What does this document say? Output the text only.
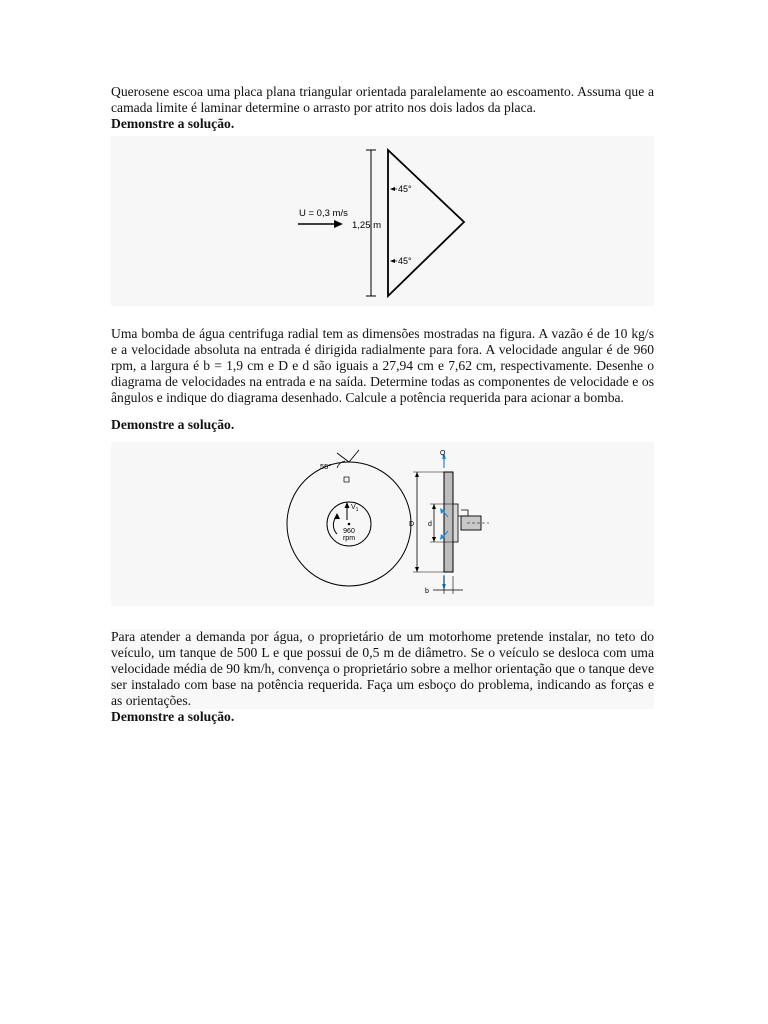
Querosene escoa uma placa plana triangular orientada paralelamente ao escoamento. Assuma que a camada limite é laminar determine o arrasto por atrito nos dois lados da placa.

Demonstre a solução.

U = 0,3 m/s
1,25 m
45°
45°

Uma bomba de água centrifuga radial tem as dimensões mostradas na figura. A vazão é de 10 kg/s e a velocidade absoluta na entrada é dirigida radialmente para fora. A velocidade angular é de 960 rpm, a largura é b = 1,9 cm e D e d são iguais a 27,94 cm e 7,62 cm, respectivamente. Desenhe o diagrama de velocidades na entrada e na saída. Determine todas as componentes de velocidade e os ângulos e indique do diagrama desenhado. Calcule a potência requerida para acionar a bomba.

Demonstre a solução.

55°
$V_1$
960
rpm
Q
D d
b

Para atender a demanda por água, o proprietário de um motorhome pretende instalar, no teto do veículo, um tanque de 500 L e que possui de 0,5 m de diâmetro. Se o veículo se desloca com uma velocidade média de 90 km/h, convença o proprietário sobre a melhor orientação que o tanque deve ser instalado com base na potência requerida. Faça um esboço do problema, indicando as forças e as orientações.

Demonstre a solução.
